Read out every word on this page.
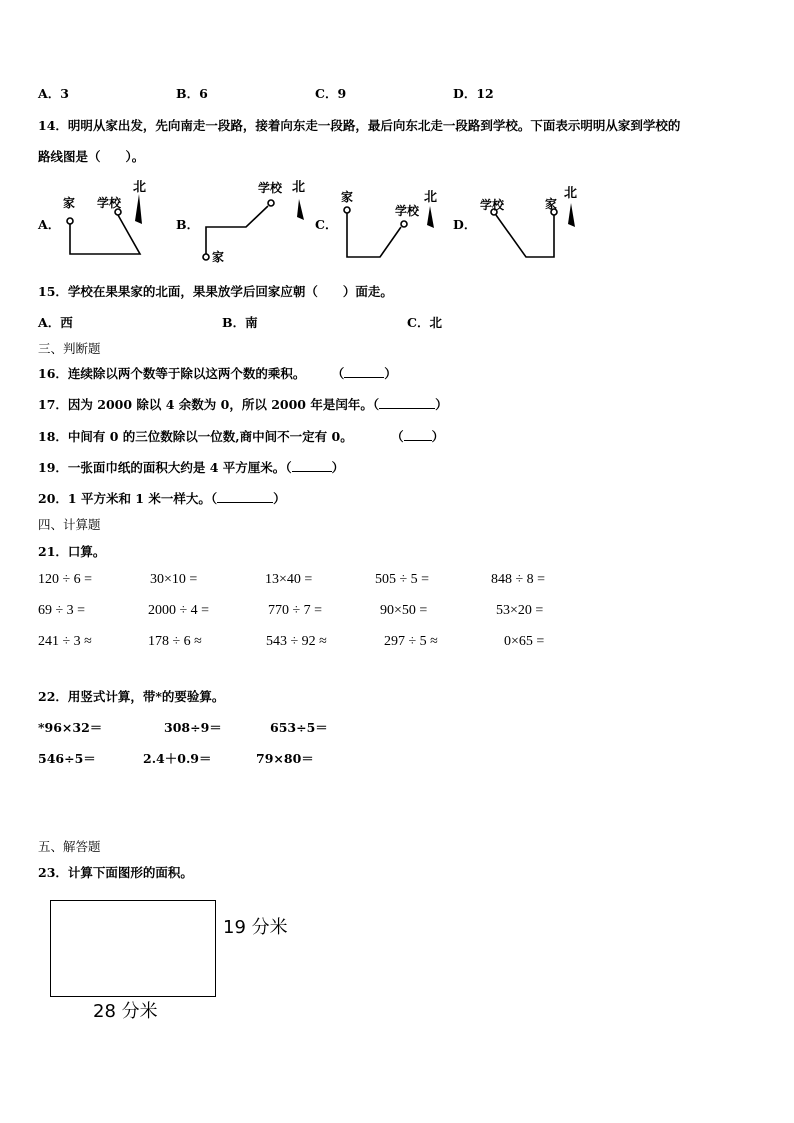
A．3	B．6	C．9	D．12
14．明明从家出发，先向南走一段路，接着向东走一段路，最后向东北走一段路到学校。下面表示明明从家到学校的
路线图是（　　）。
A．	B．	C．	D．
家 学校
北	学校 北
家
家
学校
北	学校	家
北
15．学校在果果家的北面，果果放学后回家应朝（　　）面走。
A．西	B．南	C．北
三、判断题
16．连续除以两个数等于除以这两个数的乘积。 （	）
17．因为 2000 除以 4 余数为 0，所以 2000 年是闰年。（	）
18．中间有 0 的三位数除以一位数,商中间不一定有 0。	（ ）
19．一张面巾纸的面积大约是 4 平方厘米。（	）
20．1 平方米和 1 米一样大。（	）
四、计算题
21．口算。
120 ÷ 6 =	30×10 =	13×40 =	505 ÷ 5 =	848 ÷ 8 =
69 ÷ 3 =	2000 ÷ 4 =	770 ÷ 7 =	90×50 =	53×20 =
241 ÷ 3 ≈	178 ÷ 6 ≈	543 ÷ 92 ≈	297 ÷ 5 ≈	0×65 =
22．用竖式计算，带*的要验算。
*96×32＝	308÷9＝	653÷5＝
546÷5＝	2.4＋0.9＝	79×80＝
五、解答题
23．计算下面图形的面积。
19 分米
28 分米
